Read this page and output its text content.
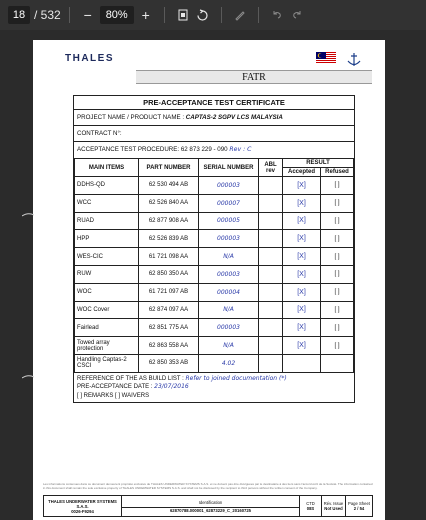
18 / 532	−	80% +
THALES
FATR
PRE-ACCEPTANCE TEST CERTIFICATE
PROJECT NAME / PRODUCT NAME : CAPTAS-2 SGPV LCS MALAYSIA
CONTRACT N°:
ACCEPTANCE TEST PROCEDURE: 62 873 229 - 090 Rev : C
MAIN ITEMS	PART NUMBER	SERIAL NUMBER	ABL rev	RESULT	
				Accepted	Refused
DDHS-QD	62 530 494 AB	000003		[X]	[ ]
WCC	62 526 840 AA	000007		[X]	[ ]
RUAD	62 877 908 AA	000005		[X]	[ ]
HPP	62 526 839 AB	000003		[X]	[ ]
WES-CIC	61 721 098 AA	N/A		[X]	[ ]
RUW	62 850 350 AA	000003		[X]	[ ]
WOC	61 721 097 AB	000004		[X]	[ ]
WOC Cover	62 874 097 AA	N/A		[X]	[ ]
Fairlead	62 851 775 AA	000003		[X]	[ ]
Towed array protection	62 863 558 AA	N/A		[X]	[ ]
Handling Captas-2 CSCI	62 850 353 AB	4.02			
REFERENCE OF THE AS BUILD LIST : Refer to joined documentation (*)
PRE-ACCEPTANCE DATE : 23/07/2016
[ ] REMARKS [ ] WAIVERS
Les informations contenues dans ce document demeurent propriété exclusive de THALES UNDERWATER SYSTEMS S.A.S. et ne doivent pas être divulguées par le destinataire à des tiers sans l'accord écrit de la Société. The information contained in this document shall remain the sole exclusive property of THALES UNDERWATER SYSTEMS S.A.S. and shall not be disclosed by the recipient to third persons without the written consent of the Company.
THALES UNDERWATER SYSTEMS S.A.S.
0026-F9294
Identification
62870788.000001_62873229_C_20160725
CTD
08S
Rév. Issue
Not Used
Page Sheet
2 / 54
